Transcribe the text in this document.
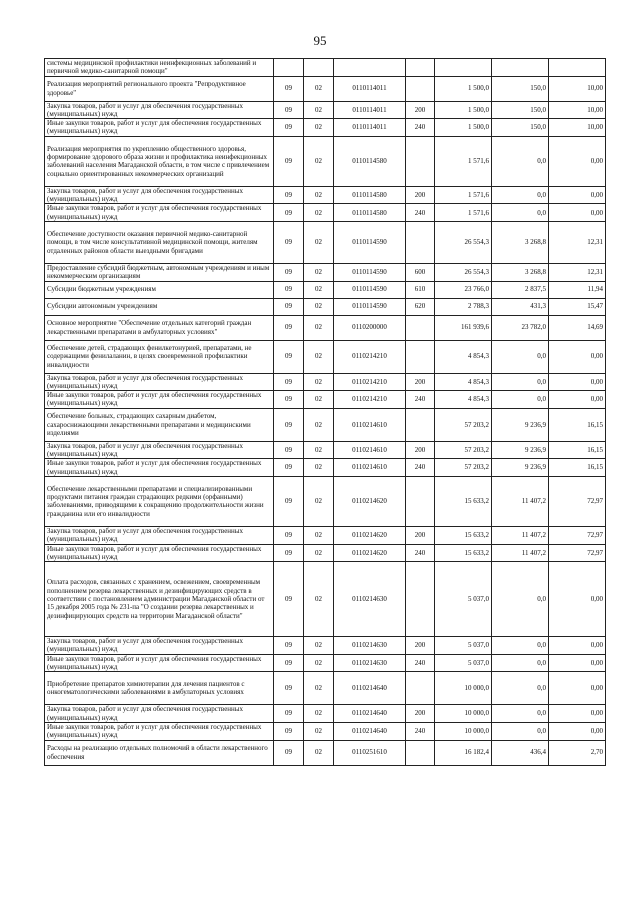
95
системы медицинской профилактики неинфекционных заболеваний и первичной медико-санитарной помощи"							
Реализация мероприятий регионального проекта "Репродуктивное здоровье"	09	02	0110114011		1 500,0	150,0	10,00
Закупка товаров, работ и услуг для обеспечения государственных (муниципальных) нужд	09	02	0110114011	200	1 500,0	150,0	10,00
Иные закупки товаров, работ и услуг для обеспечения государственных (муниципальных) нужд	09	02	0110114011	240	1 500,0	150,0	10,00
Реализация мероприятия по укреплению общественного здоровья, формирование здорового образа жизни и профилактика неинфекционных заболеваний населения Магаданской области, в том числе с привлечением социально ориентированных некоммерческих организаций	09	02	0110114580		1 571,6	0,0	0,00
Закупка товаров, работ и услуг для обеспечения государственных (муниципальных) нужд	09	02	0110114580	200	1 571,6	0,0	0,00
Иные закупки товаров, работ и услуг для обеспечения государственных (муниципальных) нужд	09	02	0110114580	240	1 571,6	0,0	0,00
Обеспечение доступности оказания первичной медико-санитарной помощи, в том числе консультативной медицинской помощи, жителям отдаленных районов области выездными бригадами	09	02	0110114590		26 554,3	3 268,8	12,31
Предоставление субсидий бюджетным, автономным учреждениям и иным некоммерческим организациям	09	02	0110114590	600	26 554,3	3 268,8	12,31
Субсидии бюджетным учреждениям	09	02	0110114590	610	23 766,0	2 837,5	11,94
Субсидии автономным учреждениям	09	02	0110114590	620	2 788,3	431,3	15,47
Основное мероприятие "Обеспечение отдельных категорий граждан лекарственными препаратами в амбулаторных условиях"	09	02	0110200000		161 939,6	23 782,0	14,69
Обеспечение детей, страдающих фенилкетонурией, препаратами, не содержащими фенилаланин, в целях своевременной профилактики инвалидности	09	02	0110214210		4 854,3	0,0	0,00
Закупка товаров, работ и услуг для обеспечения государственных (муниципальных) нужд	09	02	0110214210	200	4 854,3	0,0	0,00
Иные закупки товаров, работ и услуг для обеспечения государственных (муниципальных) нужд	09	02	0110214210	240	4 854,3	0,0	0,00
Обеспечение больных, страдающих сахарным диабетом, сахароснижающими лекарственными препаратами и медицинскими изделиями	09	02	0110214610		57 203,2	9 236,9	16,15
Закупка товаров, работ и услуг для обеспечения государственных (муниципальных) нужд	09	02	0110214610	200	57 203,2	9 236,9	16,15
Иные закупки товаров, работ и услуг для обеспечения государственных (муниципальных) нужд	09	02	0110214610	240	57 203,2	9 236,9	16,15
Обеспечение лекарственными препаратами и специализированными продуктами питания граждан страдающих редкими (орфанными) заболеваниями, приводящими к сокращению продолжительности жизни гражданина или его инвалидности	09	02	0110214620		15 633,2	11 407,2	72,97
Закупка товаров, работ и услуг для обеспечения государственных (муниципальных) нужд	09	02	0110214620	200	15 633,2	11 407,2	72,97
Иные закупки товаров, работ и услуг для обеспечения государственных (муниципальных) нужд	09	02	0110214620	240	15 633,2	11 407,2	72,97
Оплата расходов, связанных с хранением, освежением, своевременным пополнением резерва лекарственных и дезинфицирующих средств в соответствии с постановлением администрации Магаданской области от 15 декабря 2005 года № 231-па "О создании резерва лекарственных и дезинфицирующих средств на территории Магаданской области"	09	02	0110214630		5 037,0	0,0	0,00
Закупка товаров, работ и услуг для обеспечения государственных (муниципальных) нужд	09	02	0110214630	200	5 037,0	0,0	0,00
Иные закупки товаров, работ и услуг для обеспечения государственных (муниципальных) нужд	09	02	0110214630	240	5 037,0	0,0	0,00
Приобретение препаратов химиотерапии для лечения пациентов с онкогематологическими заболеваниями в амбулаторных условиях	09	02	0110214640		10 000,0	0,0	0,00
Закупка товаров, работ и услуг для обеспечения государственных (муниципальных) нужд	09	02	0110214640	200	10 000,0	0,0	0,00
Иные закупки товаров, работ и услуг для обеспечения государственных (муниципальных) нужд	09	02	0110214640	240	10 000,0	0,0	0,00
Расходы на реализацию отдельных полномочий в области лекарственного обеспечения	09	02	0110251610		16 182,4	436,4	2,70
